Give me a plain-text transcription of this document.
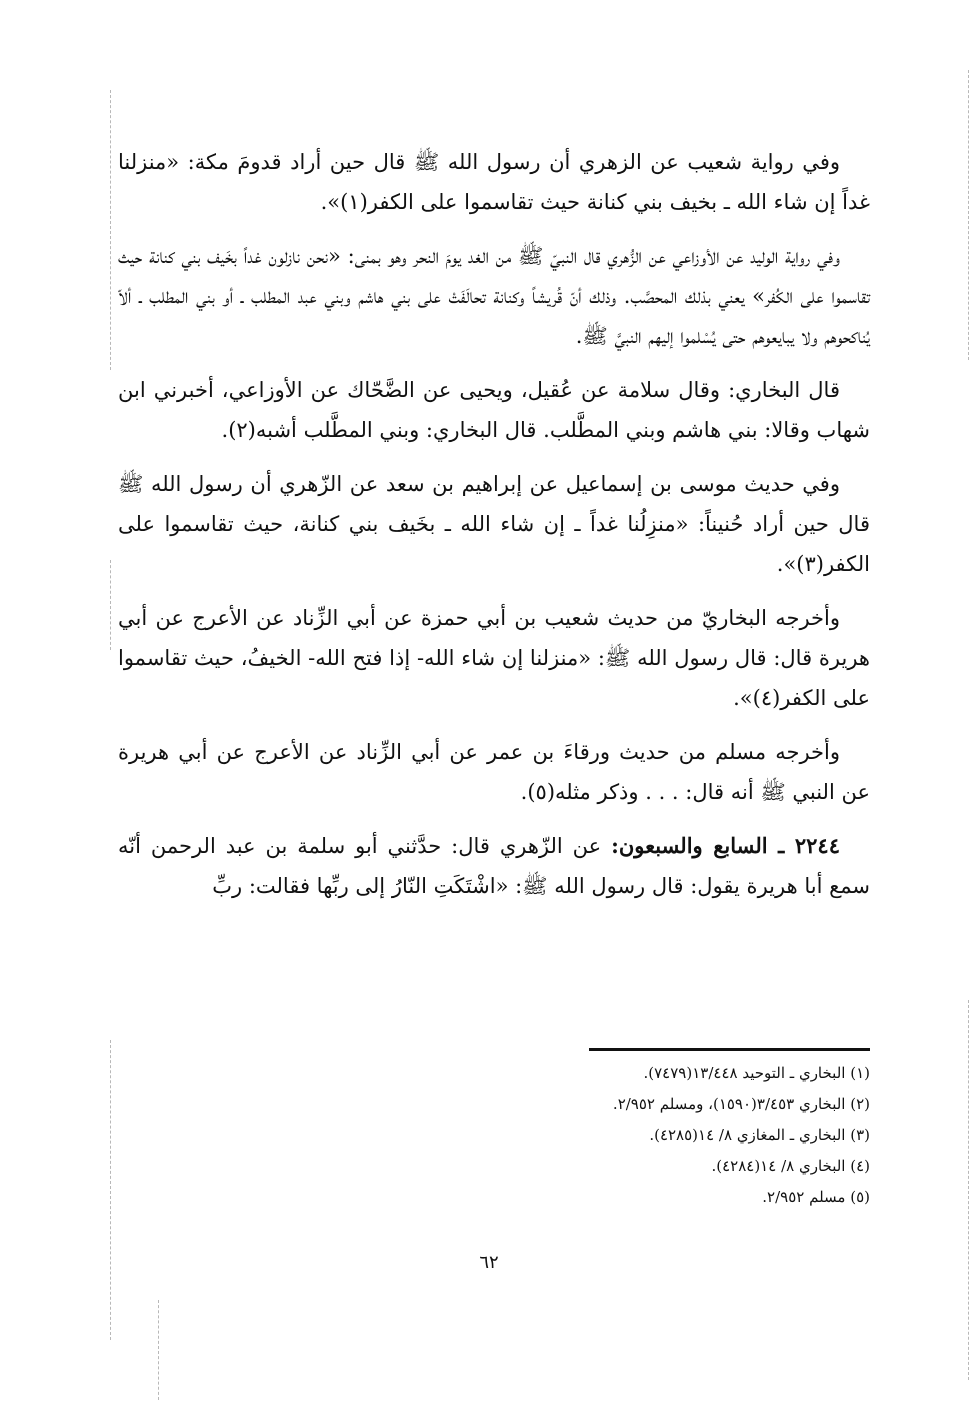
وفي رواية شعيب عن الزهري أن رسول الله ﷺ قال حين أراد قدومَ مكة: «منزلنا غداً إن شاء الله ـ بخيف بني كنانة حيث تقاسموا على الكفر(١)».

وفي رواية الوليد عن الأوزاعي عن الزُّهري قال النبيّ ﷺ من الغد يومَ النحر وهو بمنى: «نحن نازلون غداً بخَيف بني كنانة حيث تقاسموا على الكُفر» يعني بذلك المحصَّب. وذلك أنّ قُريشاً وكنانة تحالَفَتْ على بني هاشم وبني عبد المطلب ـ أو بني المطلب ـ ألاّ يُناكحوهم ولا يبايعوهم حتى يُسْلموا إليهم النبيَّ ﷺ.

قال البخاري: وقال سلامة عن عُقيل، ويحيى عن الضَّحّاك عن الأوزاعي، أخبرني ابن شهاب وقالا: بني هاشم وبني المطَّلب. قال البخاري: وبني المطَّلب أشبه(٢).

وفي حديث موسى بن إسماعيل عن إبراهيم بن سعد عن الزّهري أن رسول الله ﷺ قال حين أراد حُنيناً: «منزِلُنا غداً ـ إن شاء الله ـ بخَيف بني كنانة، حيث تقاسموا على الكفر(٣)».

وأخرجه البخاريّ من حديث شعيب بن أبي حمزة عن أبي الزِّناد عن الأعرج عن أبي هريرة قال: قال رسول الله ﷺ: «منزلنا إن شاء الله- إذا فتح الله- الخيفُ، حيث تقاسموا على الكفر(٤)».

وأخرجه مسلم من حديث ورقاءَ بن عمر عن أبي الزِّناد عن الأعرج عن أبي هريرة عن النبي ﷺ أنه قال: . . . وذكر مثله(٥).

٢٢٤٤ ـ السابع والسبعون: عن الزّهري قال: حدَّثني أبو سلمة بن عبد الرحمن أنّه سمع أبا هريرة يقول: قال رسول الله ﷺ: «اشْتَكَتِ النّارُ إلى ربِّها فقالت: ربِّ

(١) البخاري ـ التوحيد ١٣/٤٤٨(٧٤٧٩).
(٢) البخاري ٣/٤٥٣(١٥٩٠)، ومسلم ٢/٩٥٢.
(٣) البخاري ـ المغازي ٨/ ١٤(٤٢٨٥).
(٤) البخاري ٨/ ١٤(٤٢٨٤).
(٥) مسلم ٢/٩٥٢.
٦٢
